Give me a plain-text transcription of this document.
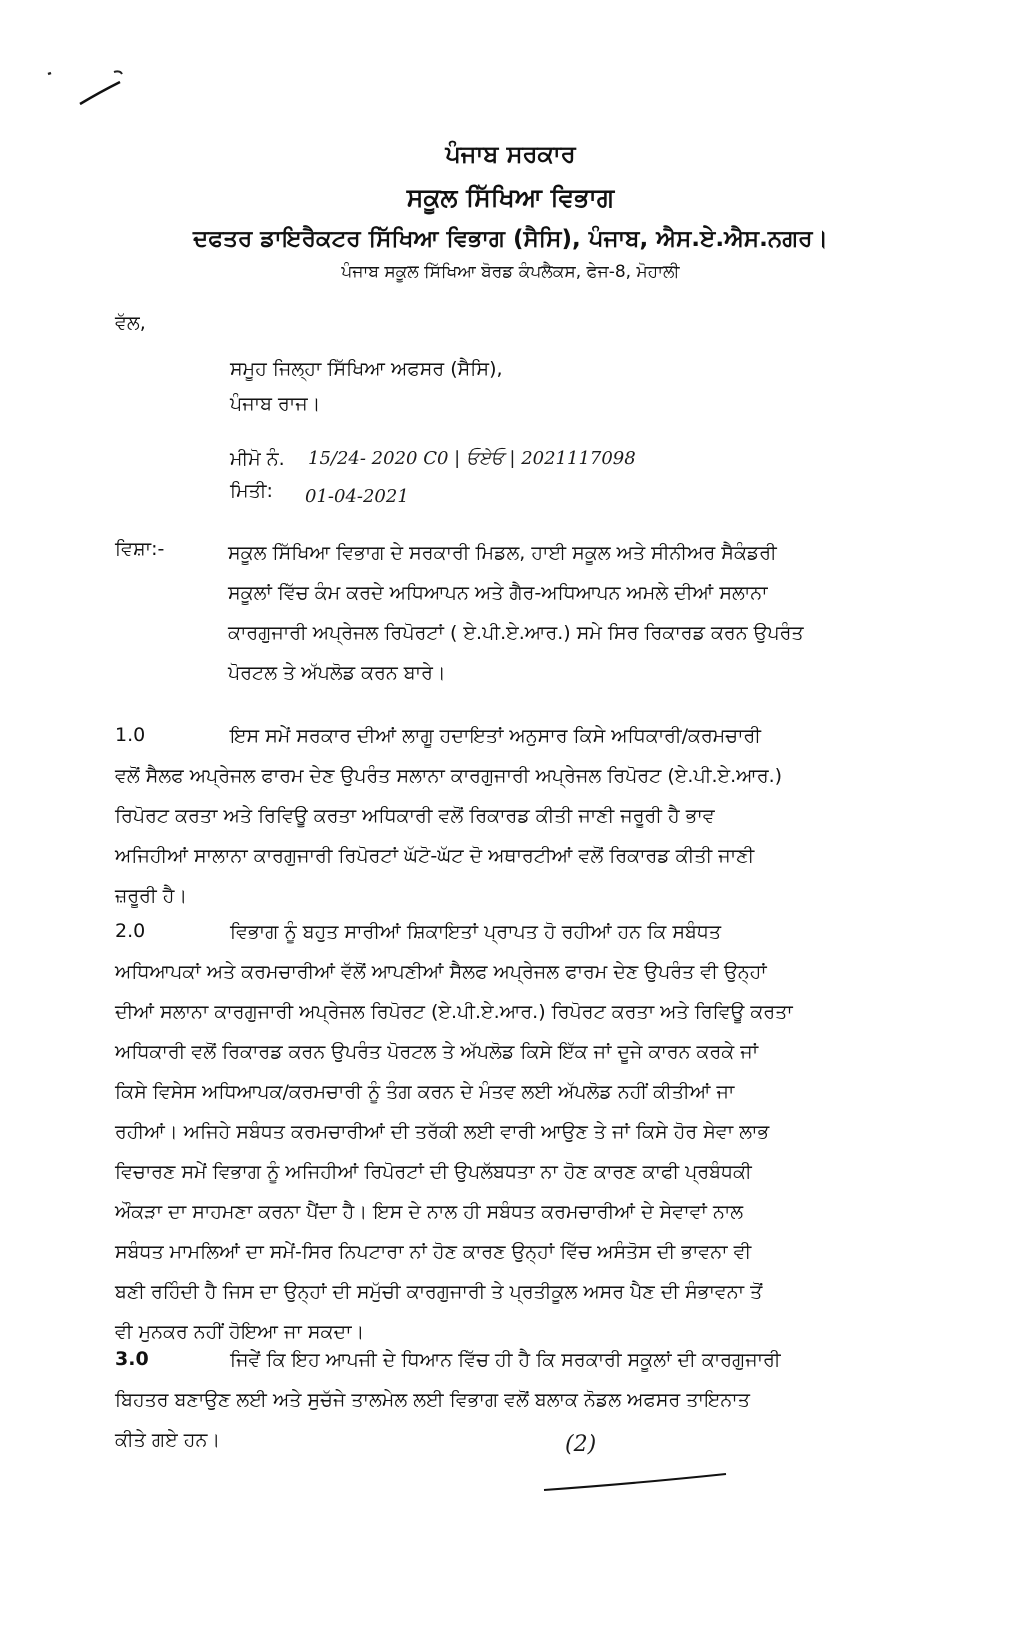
ਪੰਜਾਬ ਸਰਕਾਰ
ਸਕੂਲ ਸਿੱਖਿਆ ਵਿਭਾਗ
ਦਫਤਰ ਡਾਇਰੈਕਟਰ ਸਿੱਖਿਆ ਵਿਭਾਗ (ਸੈਸਿ), ਪੰਜਾਬ, ਐਸ.ਏ.ਐਸ.ਨਗਰ।
ਪੰਜਾਬ ਸਕੂਲ ਸਿੱਖਿਆ ਬੋਰਡ ਕੰਪਲੈਕਸ, ਫੇਜ-8, ਮੋਹਾਲੀ
ਵੱਲ,
ਸਮੂਹ ਜਿਲ੍ਹਾ ਸਿੱਖਿਆ ਅਫਸਰ (ਸੈਸਿ),
ਪੰਜਾਬ ਰਾਜ।
ਮੀਮੋ ਨੰ. 15/24- 2020 C0 | ਓਏਓ | 2021117098
ਮਿਤੀ: 01-04-2021
ਵਿਸ਼ਾ:-	ਸਕੂਲ ਸਿੱਖਿਆ ਵਿਭਾਗ ਦੇ ਸਰਕਾਰੀ ਮਿਡਲ, ਹਾਈ ਸਕੂਲ ਅਤੇ ਸੀਨੀਅਰ ਸੈਕੰਡਰੀ
ਸਕੂਲਾਂ ਵਿੱਚ ਕੰਮ ਕਰਦੇ ਅਧਿਆਪਨ ਅਤੇ ਗੈਰ-ਅਧਿਆਪਨ ਅਮਲੇ ਦੀਆਂ ਸਲਾਨਾ
ਕਾਰਗੁਜਾਰੀ ਅਪ੍ਰੇਜਲ ਰਿਪੋਰਟਾਂ ( ਏ.ਪੀ.ਏ.ਆਰ.) ਸਮੇ ਸਿਰ ਰਿਕਾਰਡ ਕਰਨ ਉਪਰੰਤ
ਪੋਰਟਲ ਤੇ ਅੱਪਲੋਡ ਕਰਨ ਬਾਰੇ।
1.0	ਇਸ ਸਮੇਂ ਸਰਕਾਰ ਦੀਆਂ ਲਾਗੂ ਹਦਾਇਤਾਂ ਅਨੁਸਾਰ ਕਿਸੇ ਅਧਿਕਾਰੀ/ਕਰਮਚਾਰੀ
ਵਲੋਂ ਸੈਲਫ ਅਪ੍ਰੇਜਲ ਫਾਰਮ ਦੇਣ ਉਪਰੰਤ ਸਲਾਨਾ ਕਾਰਗੁਜਾਰੀ ਅਪ੍ਰੇਜਲ ਰਿਪੋਰਟ (ਏ.ਪੀ.ਏ.ਆਰ.)
ਰਿਪੋਰਟ ਕਰਤਾ ਅਤੇ ਰਿਵਿਊ ਕਰਤਾ ਅਧਿਕਾਰੀ ਵਲੋਂ ਰਿਕਾਰਡ ਕੀਤੀ ਜਾਣੀ ਜਰੂਰੀ ਹੈ ਭਾਵ
ਅਜਿਹੀਆਂ ਸਾਲਾਨਾ ਕਾਰਗੁਜਾਰੀ ਰਿਪੋਰਟਾਂ ਘੱਟੋ-ਘੱਟ ਦੋ ਅਥਾਰਟੀਆਂ ਵਲੋਂ ਰਿਕਾਰਡ ਕੀਤੀ ਜਾਣੀ
ਜ਼ਰੂਰੀ ਹੈ।
2.0	ਵਿਭਾਗ ਨੂੰ ਬਹੁਤ ਸਾਰੀਆਂ ਸ਼ਿਕਾਇਤਾਂ ਪ੍ਰਾਪਤ ਹੋ ਰਹੀਆਂ ਹਨ ਕਿ ਸਬੰਧਤ
ਅਧਿਆਪਕਾਂ ਅਤੇ ਕਰਮਚਾਰੀਆਂ ਵੱਲੋਂ ਆਪਣੀਆਂ ਸੈਲਫ ਅਪ੍ਰੇਜਲ ਫਾਰਮ ਦੇਣ ਉਪਰੰਤ ਵੀ ਉਨ੍ਹਾਂ
ਦੀਆਂ ਸਲਾਨਾ ਕਾਰਗੁਜਾਰੀ ਅਪ੍ਰੇਜਲ ਰਿਪੋਰਟ (ਏ.ਪੀ.ਏ.ਆਰ.) ਰਿਪੋਰਟ ਕਰਤਾ ਅਤੇ ਰਿਵਿਊ ਕਰਤਾ
ਅਧਿਕਾਰੀ ਵਲੋਂ ਰਿਕਾਰਡ ਕਰਨ ਉਪਰੰਤ ਪੋਰਟਲ ਤੇ ਅੱਪਲੋਡ ਕਿਸੇ ਇੱਕ ਜਾਂ ਦੂਜੇ ਕਾਰਨ ਕਰਕੇ ਜਾਂ
ਕਿਸੇ ਵਿਸੇਸ ਅਧਿਆਪਕ/ਕਰਮਚਾਰੀ ਨੂੰ ਤੰਗ ਕਰਨ ਦੇ ਮੰਤਵ ਲਈ ਅੱਪਲੋਡ ਨਹੀਂ ਕੀਤੀਆਂ ਜਾ
ਰਹੀਆਂ। ਅਜਿਹੇ ਸਬੰਧਤ ਕਰਮਚਾਰੀਆਂ ਦੀ ਤਰੱਕੀ ਲਈ ਵਾਰੀ ਆਉਣ ਤੇ ਜਾਂ ਕਿਸੇ ਹੋਰ ਸੇਵਾ ਲਾਭ
ਵਿਚਾਰਣ ਸਮੇਂ ਵਿਭਾਗ ਨੂੰ ਅਜਿਹੀਆਂ ਰਿਪੋਰਟਾਂ ਦੀ ਉਪਲੱਬਧਤਾ ਨਾ ਹੋਣ ਕਾਰਣ ਕਾਫੀ ਪ੍ਰਬੰਧਕੀ
ਔਕੜਾ ਦਾ ਸਾਹਮਣਾ ਕਰਨਾ ਪੈਂਦਾ ਹੈ। ਇਸ ਦੇ ਨਾਲ ਹੀ ਸਬੰਧਤ ਕਰਮਚਾਰੀਆਂ ਦੇ ਸੇਵਾਵਾਂ ਨਾਲ
ਸਬੰਧਤ ਮਾਮਲਿਆਂ ਦਾ ਸਮੇਂ-ਸਿਰ ਨਿਪਟਾਰਾ ਨਾਂ ਹੋਣ ਕਾਰਣ ਉਨ੍ਹਾਂ ਵਿੱਚ ਅਸੰਤੋਸ ਦੀ ਭਾਵਨਾ ਵੀ
ਬਣੀ ਰਹਿੰਦੀ ਹੈ ਜਿਸ ਦਾ ਉਨ੍ਹਾਂ ਦੀ ਸਮੁੱਚੀ ਕਾਰਗੁਜਾਰੀ ਤੇ ਪ੍ਰਤੀਕੂਲ ਅਸਰ ਪੈਣ ਦੀ ਸੰਭਾਵਨਾ ਤੋਂ
ਵੀ ਮੁਨਕਰ ਨਹੀਂ ਹੋਇਆ ਜਾ ਸਕਦਾ।
3.0	ਜਿਵੇਂ ਕਿ ਇਹ ਆਪਜੀ ਦੇ ਧਿਆਨ ਵਿੱਚ ਹੀ ਹੈ ਕਿ ਸਰਕਾਰੀ ਸਕੂਲਾਂ ਦੀ ਕਾਰਗੁਜਾਰੀ
ਬਿਹਤਰ ਬਣਾਉਣ ਲਈ ਅਤੇ ਸੁਚੱਜੇ ਤਾਲਮੇਲ ਲਈ ਵਿਭਾਗ ਵਲੋਂ ਬਲਾਕ ਨੋਡਲ ਅਫਸਰ ਤਾਇਨਾਤ
ਕੀਤੇ ਗਏ ਹਨ।	(2)
